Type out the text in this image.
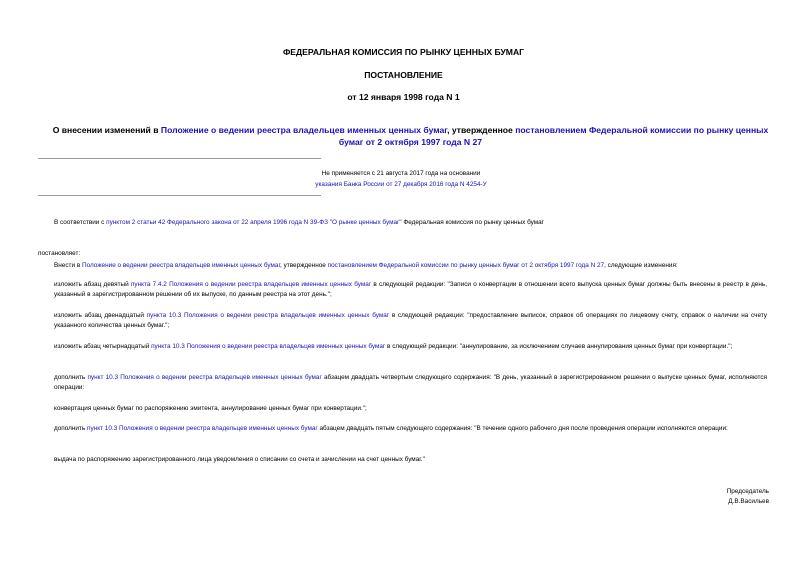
ФЕДЕРАЛЬНАЯ КОМИССИЯ ПО РЫНКУ ЦЕННЫХ БУМАГ
ПОСТАНОВЛЕНИЕ
от 12 января 1998 года N 1
О внесении изменений в Положение о ведении реестра владельцев именных ценных бумаг, утвержденное постановлением Федеральной комиссии по рынку ценных бумаг от 2 октября 1997 года N 27
Не применяется с 21 августа 2017 года на основании
указания Банка России от 27 декабря 2016 года N 4254-У
В соответствии с пунктом 2 статьи 42 Федерального закона от 22 апреля 1996 года N 39-ФЗ "О рынке ценных бумаг" Федеральная комиссия по рынку ценных бумаг
постановляет:
Внести в Положение о ведении реестра владельцев именных ценных бумаг, утвержденное постановлением Федеральной комиссии по рынку ценных бумаг от 2 октября 1997 года N 27, следующие изменения:
изложить абзац девятый пункта 7.4.2 Положения о ведении реестра владельцев именных ценных бумаг в следующей редакции: "Записи о конвертации в отношении всего выпуска ценных бумаг должны быть внесены в реестр в день, указанный в зарегистрированном решении об их выпуске, по данным реестра на этот день.";
изложить абзац двенадцатый пункта 10.3 Положения о ведении реестра владельцев именных ценных бумаг в следующей редакции: "предоставление выписок, справок об операциях по лицевому счету, справок о наличии на счету указанного количества ценных бумаг.";
изложить абзац четырнадцатый пункта 10.3 Положения о ведении реестра владельцев именных ценных бумаг в следующей редакции: "аннулирование, за исключением случаев аннулирования ценных бумаг при конвертации.";
дополнить пункт 10.3 Положения о ведении реестра владельцев именных ценных бумаг абзацем двадцать четвертым следующего содержания: "В день, указанный в зарегистрированном решении о выпуске ценных бумаг, исполняются операции:
конвертация ценных бумаг по распоряжению эмитента, аннулирование ценных бумаг при конвертации.";
дополнить пункт 10.3 Положения о ведении реестра владельцев именных ценных бумаг абзацем двадцать пятым следующего содержания: "В течение одного рабочего дня после проведения операции исполняются операции:
выдача по распоряжению зарегистрированного лица уведомления о списании со счета и зачислении на счет ценных бумаг."
Председатель
Д.В.Васильев
